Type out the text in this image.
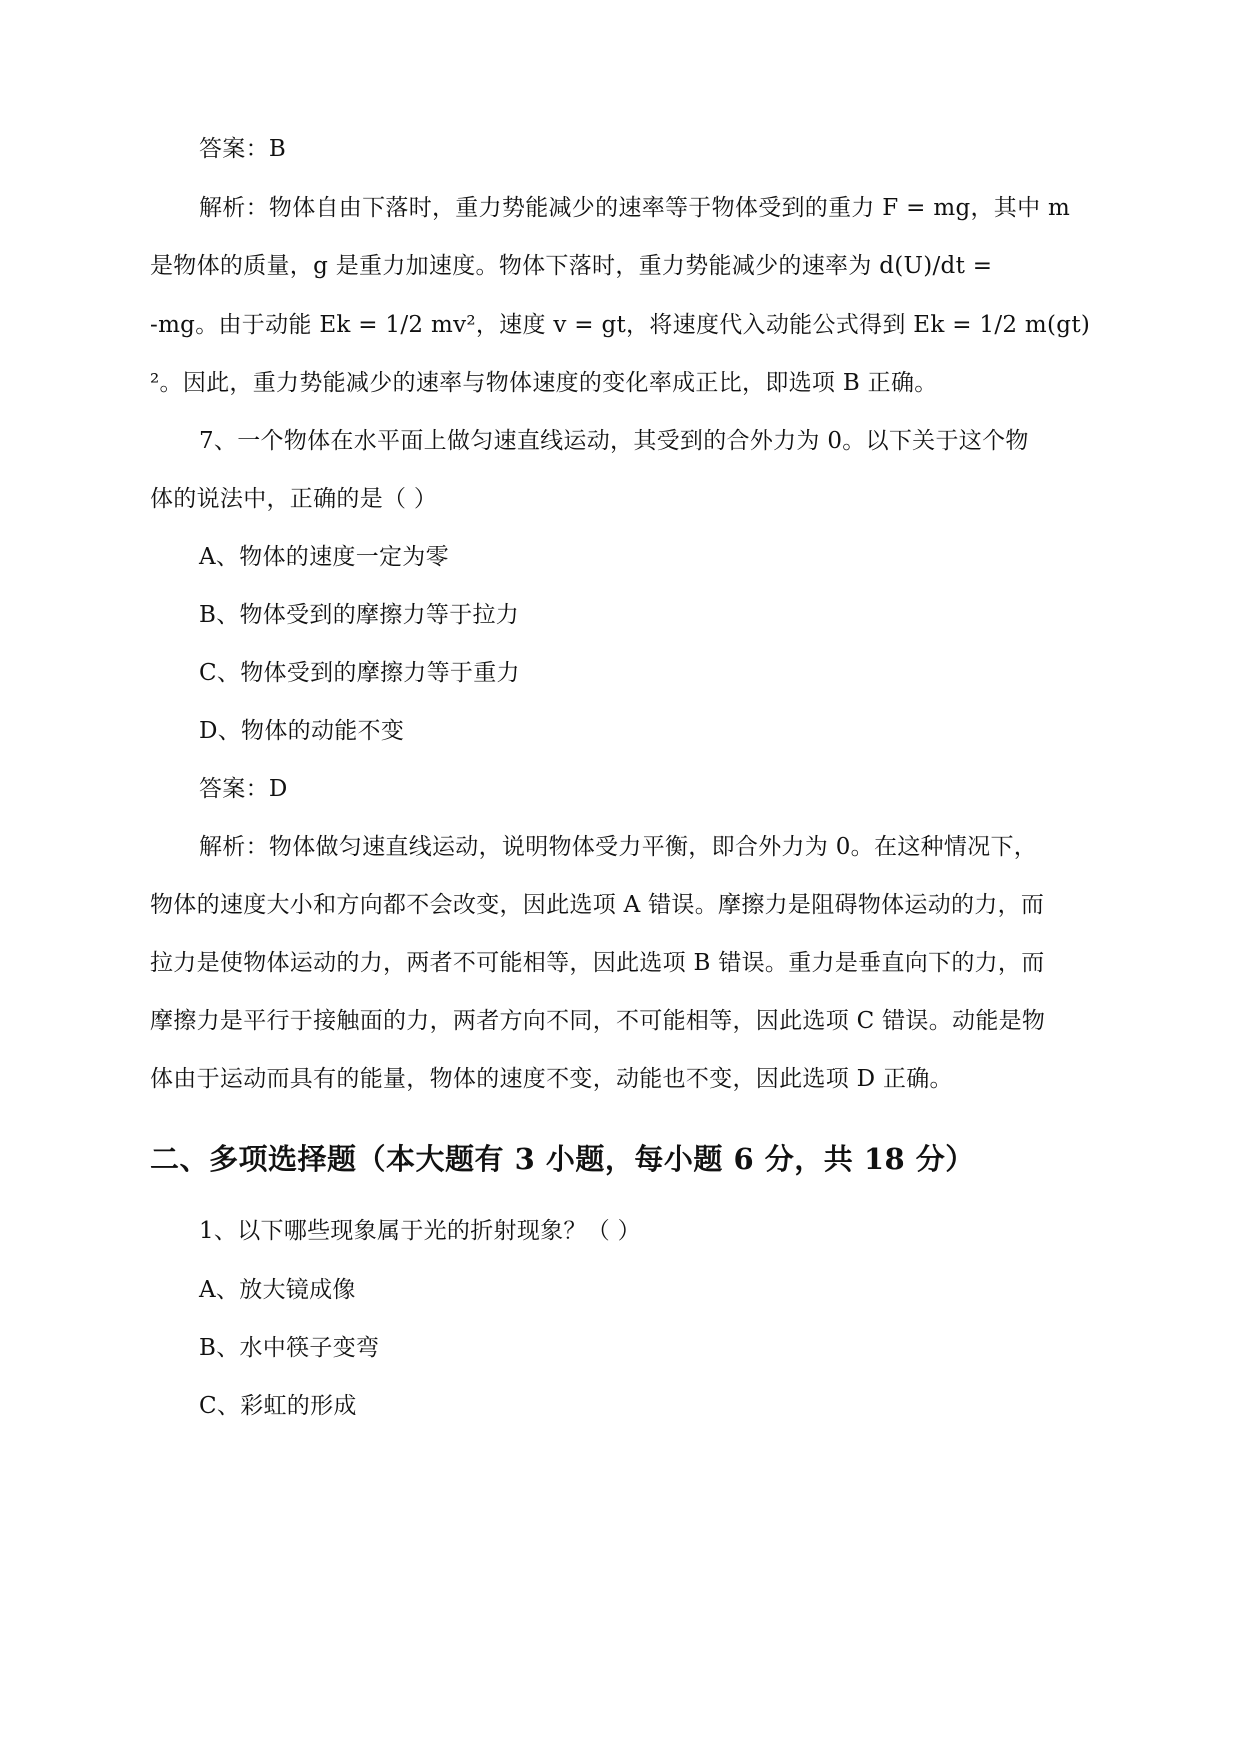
答案：B
解析：物体自由下落时，重力势能减少的速率等于物体受到的重力 F = mg，其中 m
是物体的质量，g 是重力加速度。物体下落时，重力势能减少的速率为 d(U)/dt =
-mg。由于动能 Ek = 1/2 mv²，速度 v = gt，将速度代入动能公式得到 Ek = 1/2 m(gt)
²。因此，重力势能减少的速率与物体速度的变化率成正比，即选项 B 正确。
7、一个物体在水平面上做匀速直线运动，其受到的合外力为 0。以下关于这个物
体的说法中，正确的是（ ）
A、物体的速度一定为零
B、物体受到的摩擦力等于拉力
C、物体受到的摩擦力等于重力
D、物体的动能不变
答案：D
解析：物体做匀速直线运动，说明物体受力平衡，即合外力为 0。在这种情况下，
物体的速度大小和方向都不会改变，因此选项 A 错误。摩擦力是阻碍物体运动的力，而
拉力是使物体运动的力，两者不可能相等，因此选项 B 错误。重力是垂直向下的力，而
摩擦力是平行于接触面的力，两者方向不同，不可能相等，因此选项 C 错误。动能是物
体由于运动而具有的能量，物体的速度不变，动能也不变，因此选项 D 正确。
二、多项选择题（本大题有 3 小题，每小题 6 分，共 18 分）
1、以下哪些现象属于光的折射现象？（ ）
A、放大镜成像
B、水中筷子变弯
C、彩虹的形成
